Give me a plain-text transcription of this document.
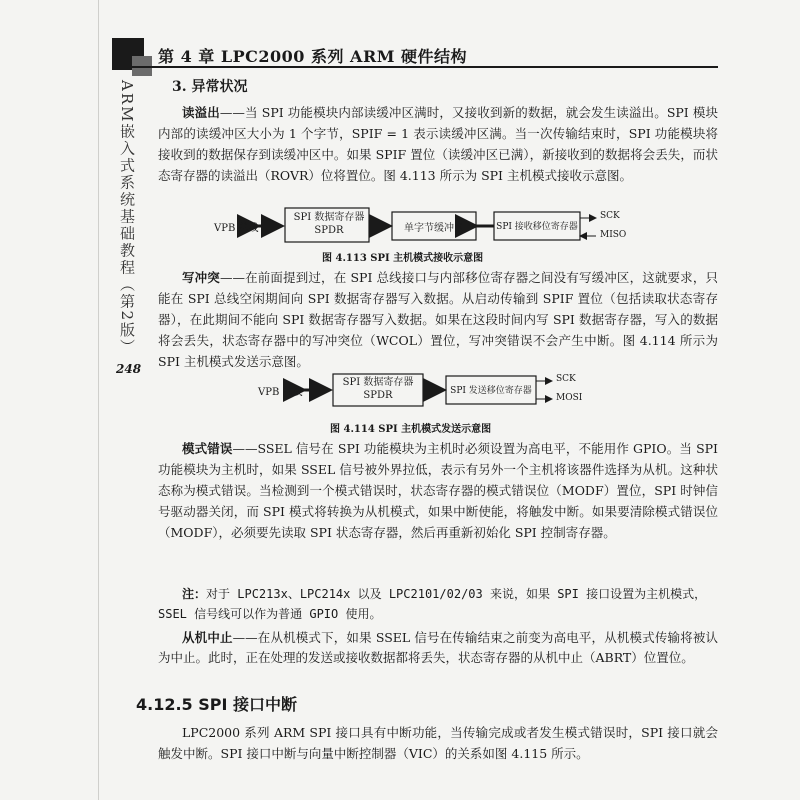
第 4 章 LPC2000 系列 ARM 硬件结构
ARM嵌入式系统基础教程（第2版）
248
3. 异常状况
读溢出——当 SPI 功能模块内部读缓冲区满时，又接收到新的数据，就会发生读溢出。SPI 模块内部的读缓冲区大小为 1 个字节，SPIF = 1 表示读缓冲区满。当一次传输结束时，SPI 功能模块将接收到的数据保存到读缓冲区中。如果 SPIF 置位（读缓冲区已满），新接收到的数据将会丢失，而状态寄存器的读溢出（ROVR）位将置位。图 4.113 所示为 SPI 主机模式接收示意图。
VPB 总线
SPI 数据寄存器
SPDR	单字节缓冲区	SPI 接收移位寄存器
SCK
MISO
图 4.113 SPI 主机模式接收示意图
写冲突——在前面提到过，在 SPI 总线接口与内部移位寄存器之间没有写缓冲区，这就要求，只能在 SPI 总线空闲期间向 SPI 数据寄存器写入数据。从启动传输到 SPIF 置位（包括读取状态寄存器），在此期间不能向 SPI 数据寄存器写入数据。如果在这段时间内写 SPI 数据寄存器，写入的数据将会丢失，状态寄存器中的写冲突位（WCOL）置位，写冲突错误不会产生中断。图 4.114 所示为 SPI 主机模式发送示意图。
VPB 总线
SPI 数据寄存器
SPDR	SPI 发送移位寄存器
SCK
MOSI
图 4.114 SPI 主机模式发送示意图
模式错误——SSEL 信号在 SPI 功能模块为主机时必须设置为高电平，不能用作 GPIO。当 SPI 功能模块为主机时，如果 SSEL 信号被外界拉低，表示有另外一个主机将该器件选择为从机。这种状态称为模式错误。当检测到一个模式错误时，状态寄存器的模式错误位（MODF）置位，SPI 时钟信号驱动器关闭，而 SPI 模式将转换为从机模式，如果中断使能，将触发中断。如果要清除模式错误位（MODF），必须要先读取 SPI 状态寄存器，然后再重新初始化 SPI 控制寄存器。
注：对于 LPC213x、LPC214x 以及 LPC2101/02/03 来说，如果 SPI 接口设置为主机模式，SSEL 信号线可以作为普通 GPIO 使用。
从机中止——在从机模式下，如果 SSEL 信号在传输结束之前变为高电平，从机模式传输将被认为中止。此时，正在处理的发送或接收数据都将丢失，状态寄存器的从机中止（ABRT）位置位。
4.12.5 SPI 接口中断
LPC2000 系列 ARM SPI 接口具有中断功能，当传输完成或者发生模式错误时，SPI 接口就会触发中断。SPI 接口中断与向量中断控制器（VIC）的关系如图 4.115 所示。
